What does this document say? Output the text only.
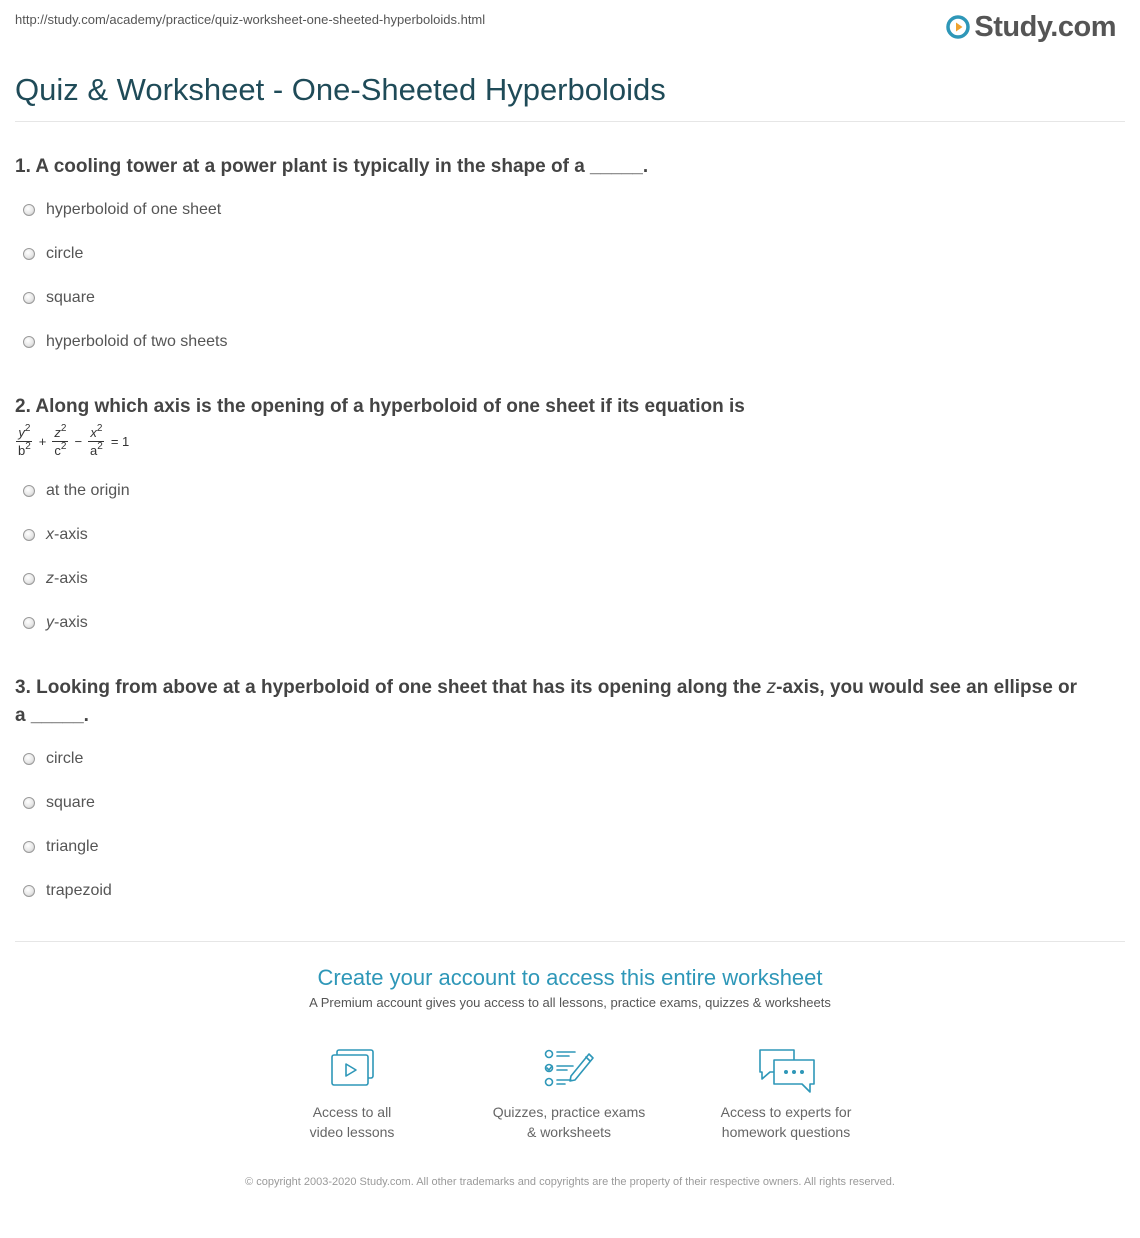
http://study.com/academy/practice/quiz-worksheet-one-sheeted-hyperboloids.html	Study.com
Quiz & Worksheet - One-Sheeted Hyperboloids

1. A cooling tower at a power plant is typically in the shape of a _____.

hyperboloid of one sheet
circle
square
hyperboloid of two sheets

2. Along which axis is the opening of a hyperboloid of one sheet if its equation is

$\frac{y^2}{b^2} + \frac{z^2}{c^2} - \frac{x^2}{a^2} = 1$
at the origin
x-axis
z-axis
y-axis

3. Looking from above at a hyperboloid of one sheet that has its opening along the z-axis, you would see an ellipse or a _____.

circle
square
triangle
trapezoid
Create your account to access this entire worksheet
A Premium account gives you access to all lessons, practice exams, quizzes & worksheets
Access to all
video lessons
Quizzes, practice exams
& worksheets
Access to experts for
homework questions
© copyright 2003-2020 Study.com. All other trademarks and copyrights are the property of their respective owners. All rights reserved.
